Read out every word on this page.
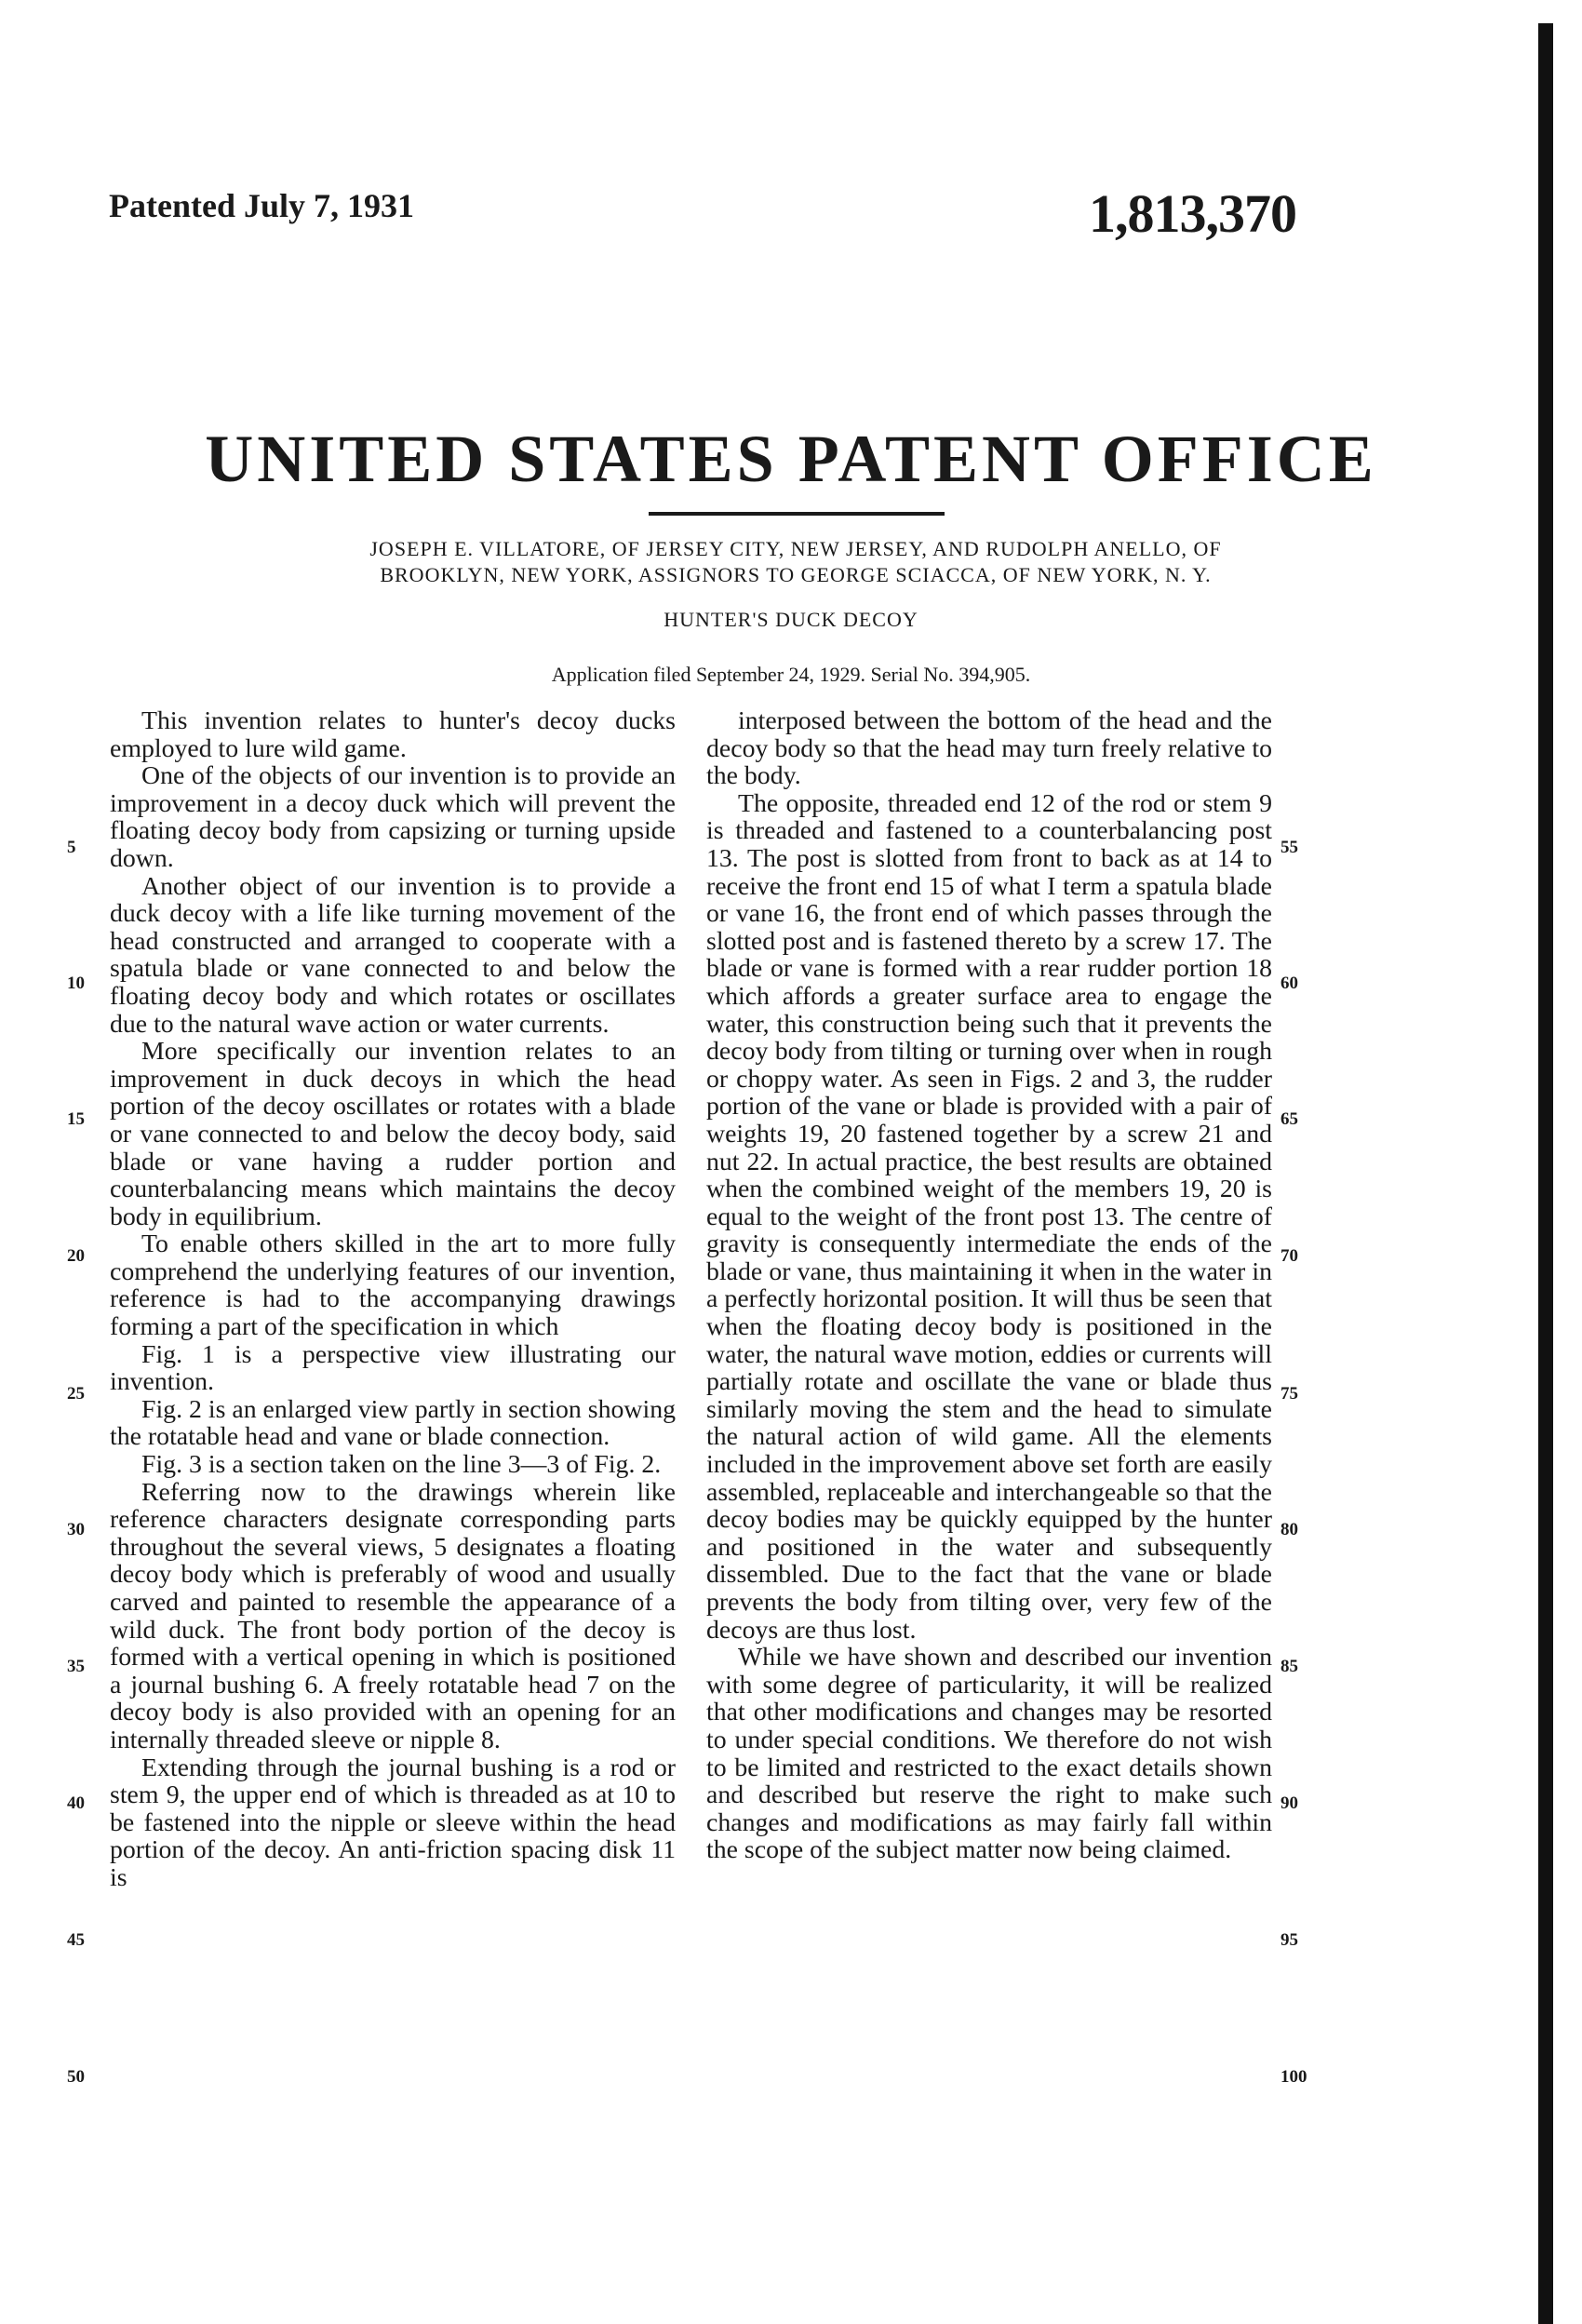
Patented July 7, 1931	1,813,370
UNITED STATES PATENT OFFICE
JOSEPH E. VILLATORE, OF JERSEY CITY, NEW JERSEY, AND RUDOLPH ANELLO, OF
BROOKLYN, NEW YORK, ASSIGNORS TO GEORGE SCIACCA, OF NEW YORK, N. Y.
HUNTER'S DUCK DECOY
Application filed September 24, 1929. Serial No. 394,905.

This invention relates to hunter's decoy ducks employed to lure wild game.

One of the objects of our invention is to provide an improvement in a decoy duck which will prevent the floating decoy body from capsizing or turning upside down.

Another object of our invention is to provide a duck decoy with a life like turning movement of the head constructed and arranged to cooperate with a spatula blade or vane connected to and below the floating decoy body and which rotates or oscillates due to the natural wave action or water currents.

More specifically our invention relates to an improvement in duck decoys in which the head portion of the decoy oscillates or rotates with a blade or vane connected to and below the decoy body, said blade or vane having a rudder portion and counterbalancing means which maintains the decoy body in equilibrium.

To enable others skilled in the art to more fully comprehend the underlying features of our invention, reference is had to the accompanying drawings forming a part of the specification in which

Fig. 1 is a perspective view illustrating our invention.

Fig. 2 is an enlarged view partly in section showing the rotatable head and vane or blade connection.

Fig. 3 is a section taken on the line 3—3 of Fig. 2.

Referring now to the drawings wherein like reference characters designate corresponding parts throughout the several views, 5 designates a floating decoy body which is preferably of wood and usually carved and painted to resemble the appearance of a wild duck. The front body portion of the decoy is formed with a vertical opening in which is positioned a journal bushing 6. A freely rotatable head 7 on the decoy body is also provided with an opening for an internally threaded sleeve or nipple 8.

Extending through the journal bushing is a rod or stem 9, the upper end of which is threaded as at 10 to be fastened into the nipple or sleeve within the head portion of the decoy. An anti-friction spacing disk 11 is

interposed between the bottom of the head and the decoy body so that the head may turn freely relative to the body.

The opposite, threaded end 12 of the rod or stem 9 is threaded and fastened to a counterbalancing post 13. The post is slotted from front to back as at 14 to receive the front end 15 of what I term a spatula blade or vane 16, the front end of which passes through the slotted post and is fastened thereto by a screw 17. The blade or vane is formed with a rear rudder portion 18 which affords a greater surface area to engage the water, this construction being such that it prevents the decoy body from tilting or turning over when in rough or choppy water. As seen in Figs. 2 and 3, the rudder portion of the vane or blade is provided with a pair of weights 19, 20 fastened together by a screw 21 and nut 22. In actual practice, the best results are obtained when the combined weight of the members 19, 20 is equal to the weight of the front post 13. The centre of gravity is consequently intermediate the ends of the blade or vane, thus maintaining it when in the water in a perfectly horizontal position. It will thus be seen that when the floating decoy body is positioned in the water, the natural wave motion, eddies or currents will partially rotate and oscillate the vane or blade thus similarly moving the stem and the head to simulate the natural action of wild game. All the elements included in the improvement above set forth are easily assembled, replaceable and interchangeable so that the decoy bodies may be quickly equipped by the hunter and positioned in the water and subsequently dissembled. Due to the fact that the vane or blade prevents the body from tilting over, very few of the decoys are thus lost.

While we have shown and described our invention with some degree of particularity, it will be realized that other modifications and changes may be resorted to under special conditions. We therefore do not wish to be limited and restricted to the exact details shown and described but reserve the right to make such changes and modifications as may fairly fall within the scope of the subject matter now being claimed.

5
10
15
20
25
30
35
40
45
50
55
60
65
70
75
80
85
90
95
100
